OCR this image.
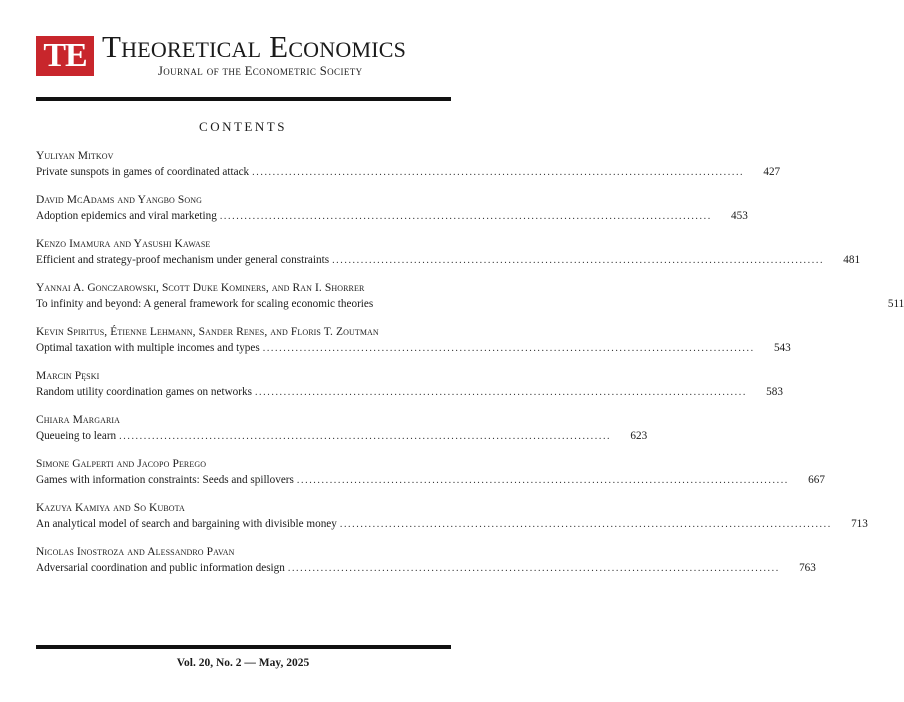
TE Theoretical Economics
Journal of the Econometric Society
CONTENTS
Yuliyan Mitkov
Private sunspots in games of coordinated attack ........................................................................................................................	427
David McAdams and Yangbo Song
Adoption epidemics and viral marketing ........................................................................................................................	453
Kenzo Imamura and Yasushi Kawase
Efficient and strategy-proof mechanism under general constraints ........................................................................................................................	481
Yannai A. Gonczarowski, Scott Duke Kominers, and Ran I. Shorrer
To infinity and beyond: A general framework for scaling economic theories	511
Kevin Spiritus, Étienne Lehmann, Sander Renes, and Floris T. Zoutman
Optimal taxation with multiple incomes and types ........................................................................................................................	543
Marcin Pęski
Random utility coordination games on networks ........................................................................................................................	583
Chiara Margaria
Queueing to learn ........................................................................................................................	623
Simone Galperti and Jacopo Perego
Games with information constraints: Seeds and spillovers ........................................................................................................................	667
Kazuya Kamiya and So Kubota
An analytical model of search and bargaining with divisible money ........................................................................................................................	713
Nicolas Inostroza and Alessandro Pavan
Adversarial coordination and public information design ........................................................................................................................	763
Vol. 20, No. 2 — May, 2025
